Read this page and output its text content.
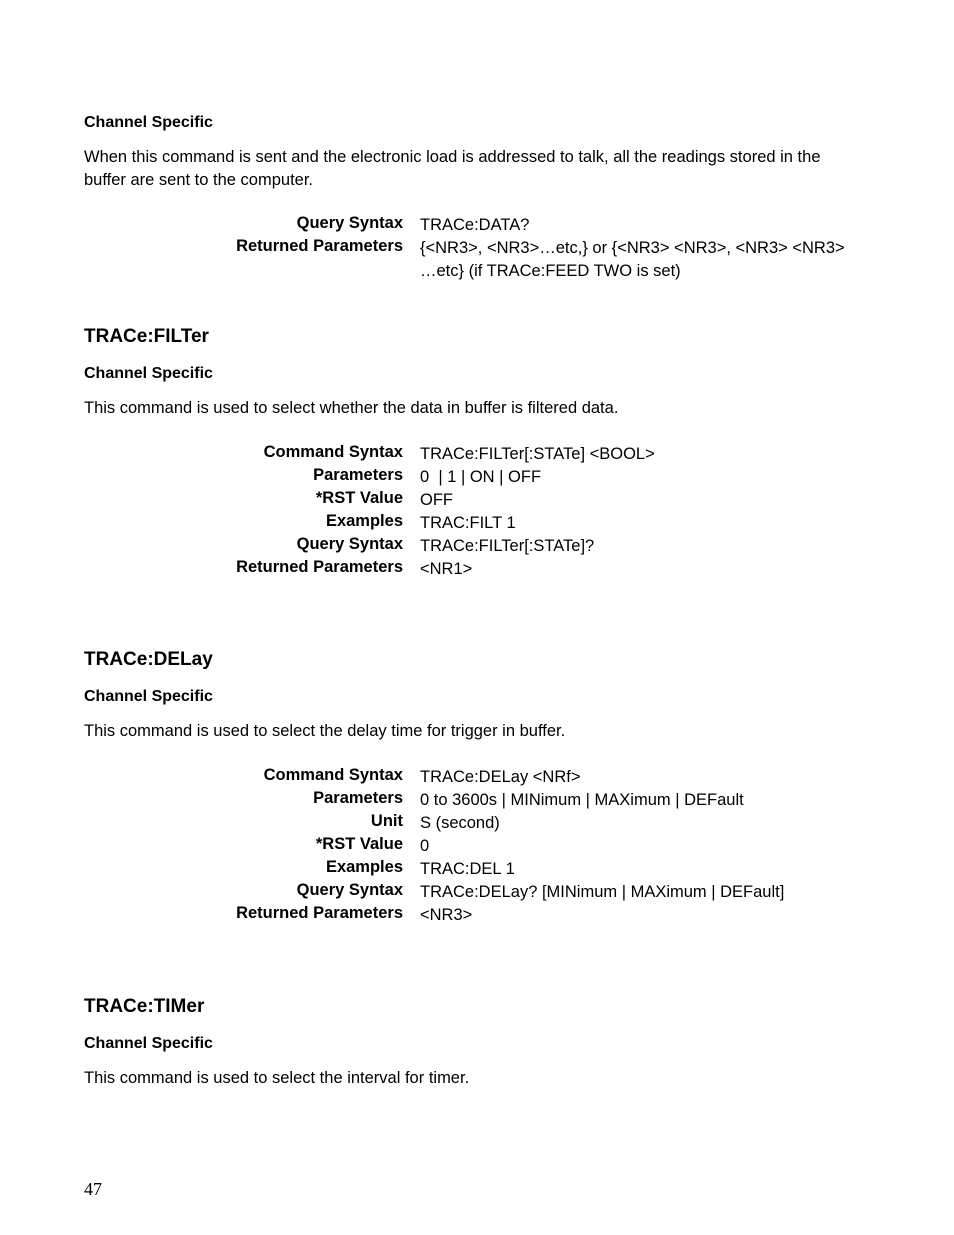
Channel Specific

When this command is sent and the electronic load is addressed to talk, all the readings stored in the buffer are sent to the computer.

Query Syntax TRACe:DATA?
Returned Parameters {<NR3>, <NR3>…etc,} or {<NR3> <NR3>, <NR3> <NR3>
…etc} (if TRACe:FEED TWO is set)
TRACe:FILTer
Channel Specific

This command is used to select whether the data in buffer is filtered data.

Command Syntax TRACe:FILTer[:STATe] <BOOL>
Parameters 0  | 1 | ON | OFF
*RST Value OFF
Examples TRAC:FILT 1
Query Syntax TRACe:FILTer[:STATe]?
Returned Parameters <NR1>
TRACe:DELay
Channel Specific

This command is used to select the delay time for trigger in buffer.

Command Syntax TRACe:DELay <NRf>
Parameters 0 to 3600s | MINimum | MAXimum | DEFault
Unit S (second)
*RST Value 0
Examples TRAC:DEL 1
Query Syntax TRACe:DELay? [MINimum | MAXimum | DEFault]
Returned Parameters <NR3>
TRACe:TIMer
Channel Specific

This command is used to select the interval for timer.

47
